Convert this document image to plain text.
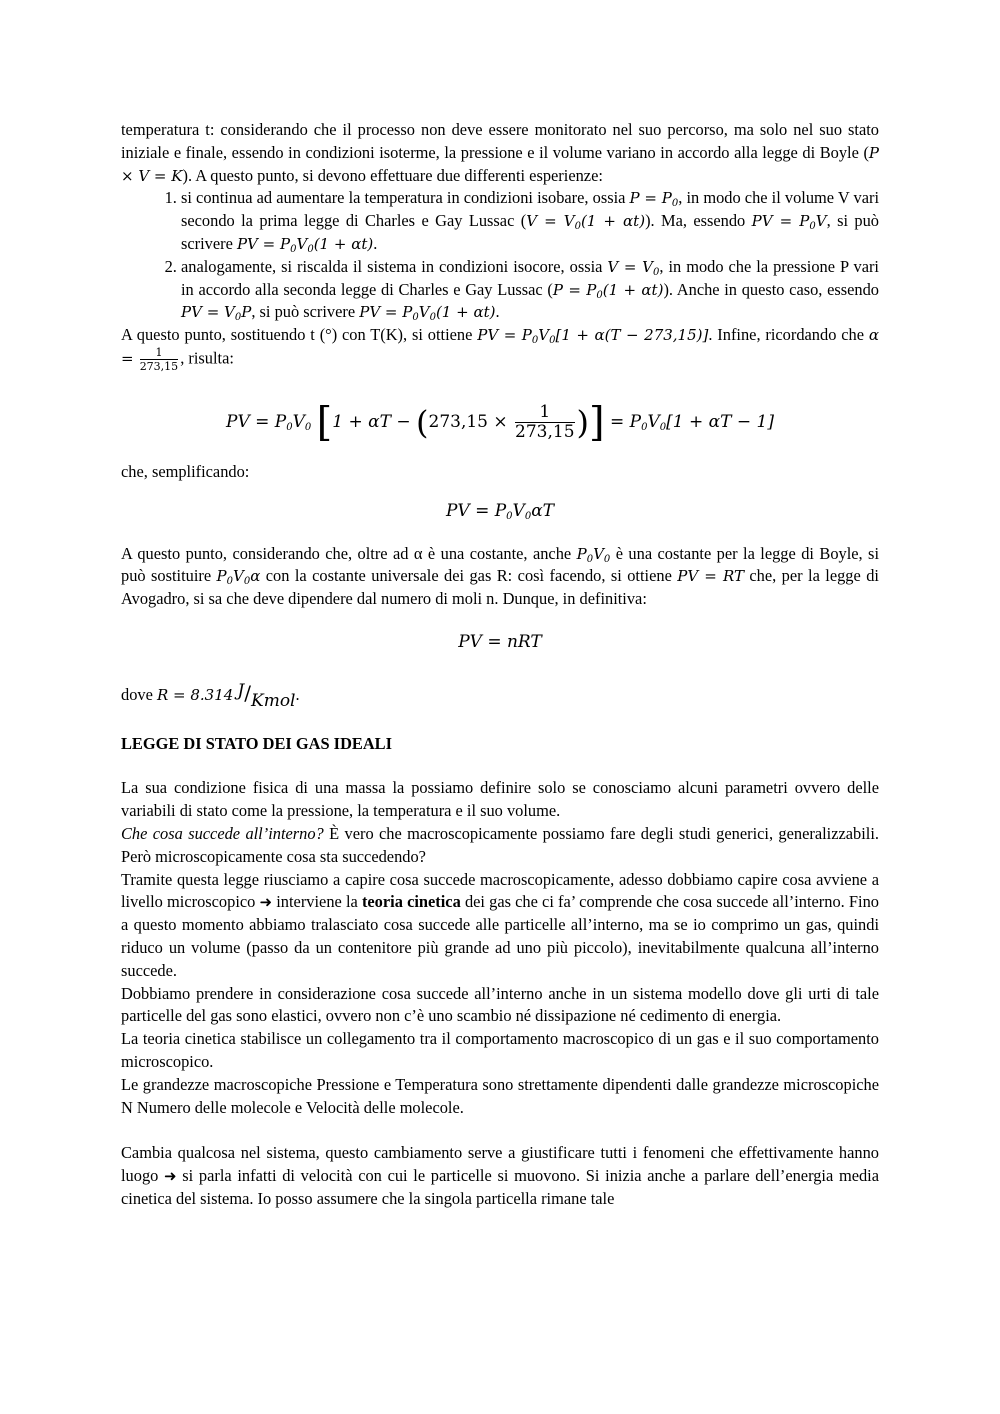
temperatura t: considerando che il processo non deve essere monitorato nel suo percorso, ma solo nel suo stato iniziale e finale, essendo in condizioni isoterme, la pressione e il volume variano in accordo alla legge di Boyle (P × V = K). A questo punto, si devono effettuare due differenti esperienze:

1. si continua ad aumentare la temperatura in condizioni isobare, ossia $P = P_0$, in modo che il volume V vari secondo la prima legge di Charles e Gay Lussac $(V = V_0(1 + \alpha t))$. Ma, essendo PV = $P_0V$, si può scrivere PV = $P_0V_0(1 + \alpha t)$.
2. analogamente, si riscalda il sistema in condizioni isocore, ossia $V = V_0$, in modo che la pressione P vari in accordo alla seconda legge di Charles e Gay Lussac $(P = P_0(1 + \alpha t))$. Anche in questo caso, essendo PV = $V_0P$, si può scrivere PV = $P_0V_0(1 + \alpha t)$.

A questo punto, sostituendo t (°) con T(K), si ottiene PV = $P_0V_0[1 + \alpha(T - 273,15)]$. Infine, ricordando che $\alpha = \frac{1}{273,15}$ , risulta:

PV = $P_0V_0$ [$1 + \alpha T - (273,15 \times \frac{1}{273,15}$ )] = $P_0V_0[1 + \alpha T - 1]$

che, semplificando:

PV = $P_0V_0\alpha T$

A questo punto, considerando che, oltre ad α è una costante, anche $P_0V_0$ è una costante per la legge di Boyle, si può sostituire $P_0V_0\alpha$ con la costante universale dei gas R: così facendo, si ottiene PV = RT che, per la legge di Avogadro, si sa che deve dipendere dal numero di moli n. Dunque, in definitiva:

PV = nRT

dove R = 8.314 J/Kmol.

LEGGE DI STATO DEI GAS IDEALI

La sua condizione fisica di una massa la possiamo definire solo se conosciamo alcuni parametri ovvero delle variabili di stato come la pressione, la temperatura e il suo volume.

Che cosa succede all’interno? È vero che macroscopicamente possiamo fare degli studi generici, generalizzabili. Però microscopicamente cosa sta succedendo?

Tramite questa legge riusciamo a capire cosa succede macroscopicamente, adesso dobbiamo capire cosa avviene a livello microscopico ➜ interviene la teoria cinetica dei gas che ci fa’ comprende che cosa succede all’interno. Fino a questo momento abbiamo tralasciato cosa succede alle particelle all’interno, ma se io comprimo un gas, quindi riduco un volume (passo da un contenitore più grande ad uno più piccolo), inevitabilmente qualcuna all’interno succede.

Dobbiamo prendere in considerazione cosa succede all’interno anche in un sistema modello dove gli urti di tale particelle del gas sono elastici, ovvero non c’è uno scambio né dissipazione né cedimento di energia.

La teoria cinetica stabilisce un collegamento tra il comportamento macroscopico di un gas e il suo comportamento microscopico.

Le grandezze macroscopiche Pressione e Temperatura sono strettamente dipendenti dalle grandezze microscopiche N Numero delle molecole e Velocità delle molecole.

Cambia qualcosa nel sistema, questo cambiamento serve a giustificare tutti i fenomeni che effettivamente hanno luogo ➜ si parla infatti di velocità con cui le particelle si muovono. Si inizia anche a parlare dell’energia media cinetica del sistema. Io posso assumere che la singola particella rimane tale
